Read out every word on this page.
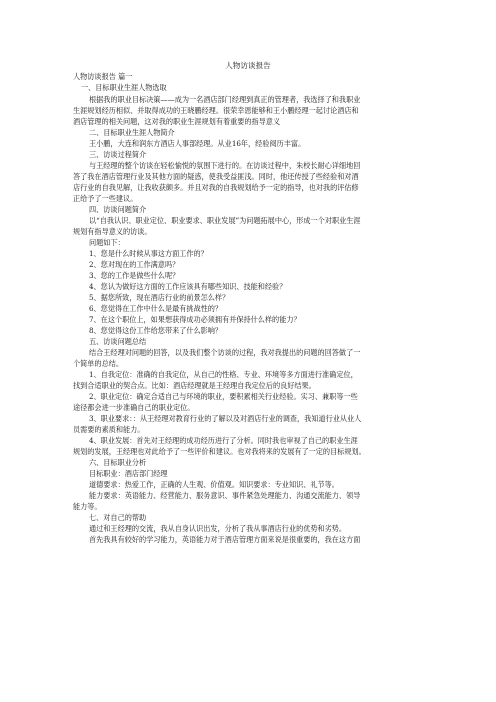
人物访谈报告
人物访谈报告 篇一
一、目标职业生涯人物选取
根据我的职业目标决策——成为一名酒店部门经理到真正的管理者，我选择了和我职业
生涯规划经历相似、并取得成功的王晓鹏经理。很荣幸恩能够和王小鹏经理一起讨论酒店和
酒店管理的相关问题，这对我的职业生涯规划有着重要的指导意义
二、目标职业生涯人物简介
王小鹏，大连和润东方酒店人事部经理。从业16年，经验阅历丰富。
三、访谈过程简介
与王经理的整个访谈在轻松愉悦的氛围下进行的。在访谈过程中，朱校长耐心详细地回
答了我在酒店管理行业及其他方面的疑惑，使我受益匪浅。同时，他还传授了些经验和对酒
店行业的自我见解，让我收获颇多。并且对我的自我规划给予一定的指导，也对我的评估修
正给予了一些建议。
四、访谈问题简介
以“自我认识、职业定位、职业要求、职业发展”为问题拓展中心，形成一个对职业生涯
规划有指导意义的访谈。
问题如下：
1、您是什么时候从事这方面工作的？
2、您对现在的工作满意吗？
3、您的工作是做些什么呢？
4、您认为做好这方面的工作应该具有哪些知识、技能和经验？
5、据您所致，现在酒店行业的前景怎么样？
6、您觉得在工作中什么是最有挑战性的？
7、在这个职位上，如果想获得成功必须拥有并保持什么样的能力？
8、您觉得这份工作给您带来了什么影响？
五、访谈问题总结
结合王经理对问题的回答，以及我们整个访谈的过程，我对我提出的问题的回答做了一
个简单的总结。
1、自我定位：准确的自我定位，从自己的性格、专业、环境等多方面进行准确定位，
找到合适职业的契合点。比如：酒店经理就是王经理自我定位后的良好结果。
2、职业定位：确定合适自己与环境的职业，要积累相关行业经验。实习、兼职等一些
途径都会进一步准确自己的职业定位。
3、职业要求：：从王经理对教育行业的了解以及对酒店行业的调查，我知道行业从业人
员需要的素质和能力。
4、职业发展：首先对王经理的成功经历进行了分析。同时我也审视了自己的职业生涯
规划的发展，王经理也对此给予了一些评价和建议。也对我将来的发展有了一定的目标规划。
六、目标职业分析
目标职业：酒店部门经理
道德要求：热爱工作，正确的人生观、价值观。知识要求：专业知识、礼节等。
能力要求：英语能力、经营能力、服务意识、事件紧急处理能力、沟通交流能力、领导
能力等。
七、对自己的帮助
通过和王经理的交流，我从自身认识出发，分析了我从事酒店行业的优势和劣势。
首先我具有较好的学习能力，英语能力对于酒店管理方面来说是很重要的，我在这方面
